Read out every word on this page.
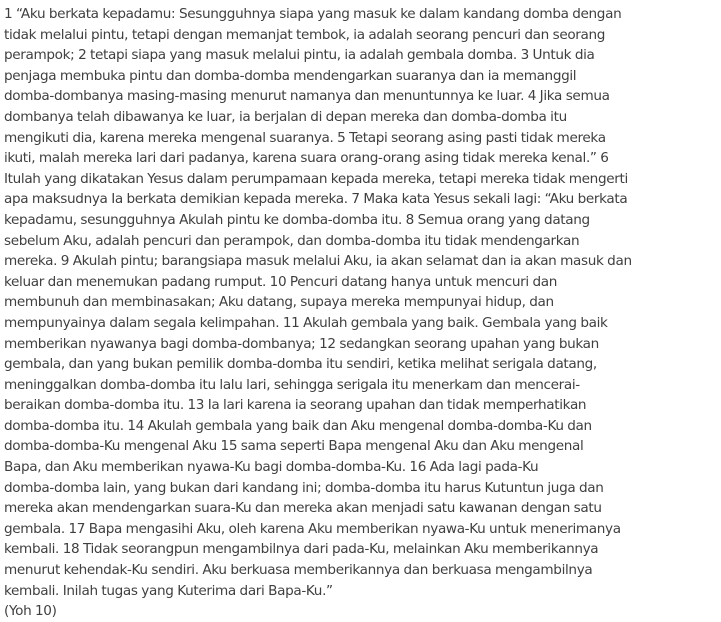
1 “Aku berkata kepadamu: Sesungguhnya siapa yang masuk ke dalam kandang domba dengan
tidak melalui pintu, tetapi dengan memanjat tembok, ia adalah seorang pencuri dan seorang
perampok; 2 tetapi siapa yang masuk melalui pintu, ia adalah gembala domba. 3 Untuk dia
penjaga membuka pintu dan domba-domba mendengarkan suaranya dan ia memanggil
domba-dombanya masing-masing menurut namanya dan menuntunnya ke luar. 4 Jika semua
dombanya telah dibawanya ke luar, ia berjalan di depan mereka dan domba-domba itu
mengikuti dia, karena mereka mengenal suaranya. 5 Tetapi seorang asing pasti tidak mereka
ikuti, malah mereka lari dari padanya, karena suara orang-orang asing tidak mereka kenal.” 6
Itulah yang dikatakan Yesus dalam perumpamaan kepada mereka, tetapi mereka tidak mengerti
apa maksudnya Ia berkata demikian kepada mereka. 7 Maka kata Yesus sekali lagi: “Aku berkata
kepadamu, sesungguhnya Akulah pintu ke domba-domba itu. 8 Semua orang yang datang
sebelum Aku, adalah pencuri dan perampok, dan domba-domba itu tidak mendengarkan
mereka. 9 Akulah pintu; barangsiapa masuk melalui Aku, ia akan selamat dan ia akan masuk dan
keluar dan menemukan padang rumput. 10 Pencuri datang hanya untuk mencuri dan
membunuh dan membinasakan; Aku datang, supaya mereka mempunyai hidup, dan
mempunyainya dalam segala kelimpahan. 11 Akulah gembala yang baik. Gembala yang baik
memberikan nyawanya bagi domba-dombanya; 12 sedangkan seorang upahan yang bukan
gembala, dan yang bukan pemilik domba-domba itu sendiri, ketika melihat serigala datang,
meninggalkan domba-domba itu lalu lari, sehingga serigala itu menerkam dan mencerai-
beraikan domba-domba itu. 13 Ia lari karena ia seorang upahan dan tidak memperhatikan
domba-domba itu. 14 Akulah gembala yang baik dan Aku mengenal domba-domba-Ku dan
domba-domba-Ku mengenal Aku 15 sama seperti Bapa mengenal Aku dan Aku mengenal
Bapa, dan Aku memberikan nyawa-Ku bagi domba-domba-Ku. 16 Ada lagi pada-Ku
domba-domba lain, yang bukan dari kandang ini; domba-domba itu harus Kutuntun juga dan
mereka akan mendengarkan suara-Ku dan mereka akan menjadi satu kawanan dengan satu
gembala. 17 Bapa mengasihi Aku, oleh karena Aku memberikan nyawa-Ku untuk menerimanya
kembali. 18 Tidak seorangpun mengambilnya dari pada-Ku, melainkan Aku memberikannya
menurut kehendak-Ku sendiri. Aku berkuasa memberikannya dan berkuasa mengambilnya
kembali. Inilah tugas yang Kuterima dari Bapa-Ku.”
(Yoh 10)
